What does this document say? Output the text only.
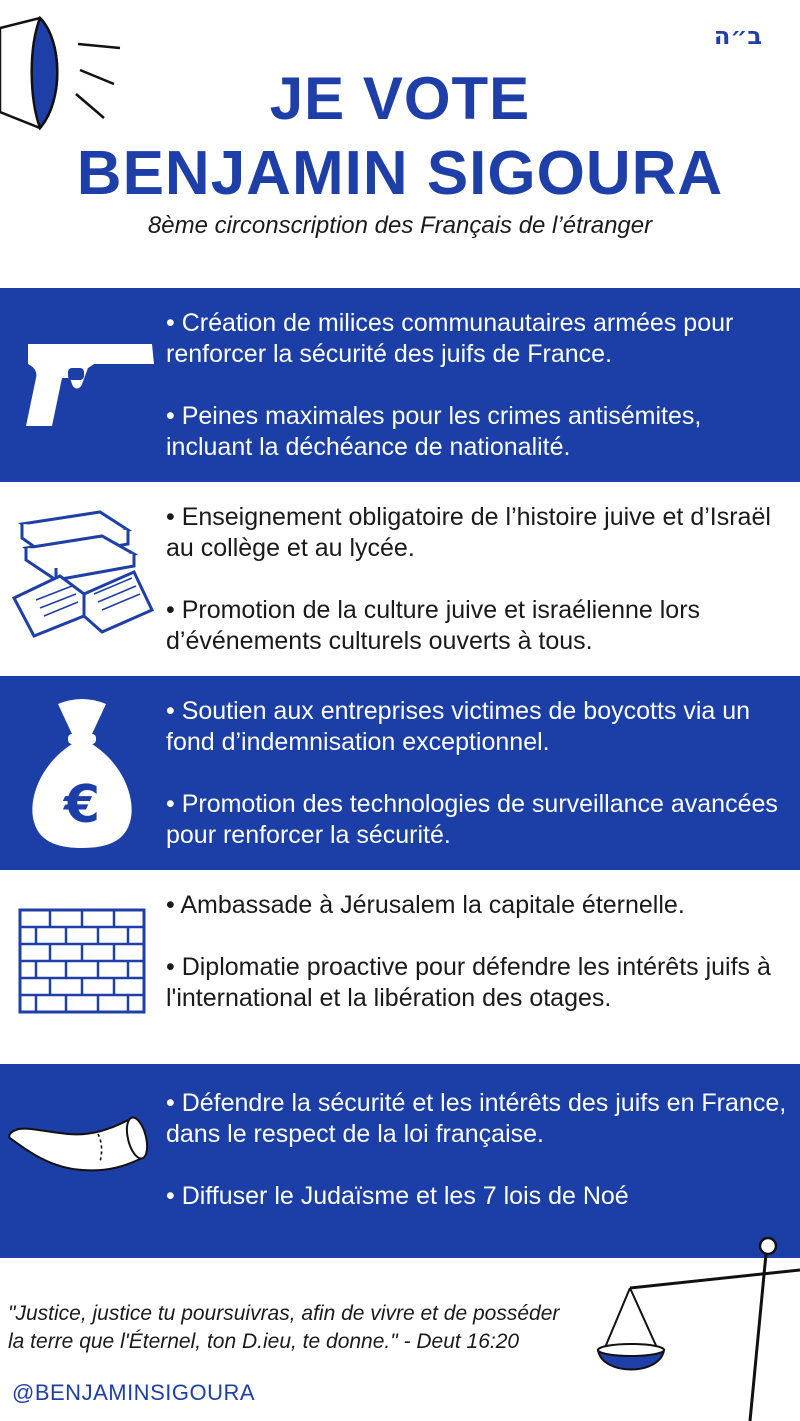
ב״ה
JE VOTE
BENJAMIN SIGOURA
8ème circonscription des Français de l’étranger

• Création de milices communautaires armées pour renforcer la sécurité des juifs de France.

• Peines maximales pour les crimes antisémites, incluant la déchéance de nationalité.

• Enseignement obligatoire de l’histoire juive et d’Israël au collège et au lycée.

• Promotion de la culture juive et israélienne lors d’événements culturels ouverts à tous.

€

• Soutien aux entreprises victimes de boycotts via un fond d’indemnisation exceptionnel.

• Promotion des technologies de surveillance avancées pour renforcer la sécurité.

• Ambassade à Jérusalem la capitale éternelle.

• Diplomatie proactive pour défendre les intérêts juifs à l'international et la libération des otages.

• Défendre la sécurité et les intérêts des juifs en France, dans le respect de la loi française.

• Diffuser le Judaïsme et les 7 lois de Noé

"Justice, justice tu poursuivras, afin de vivre et de posséder
la terre que l'Éternel, ton D.ieu, te donne." - Deut 16:20
@BENJAMINSIGOURA
